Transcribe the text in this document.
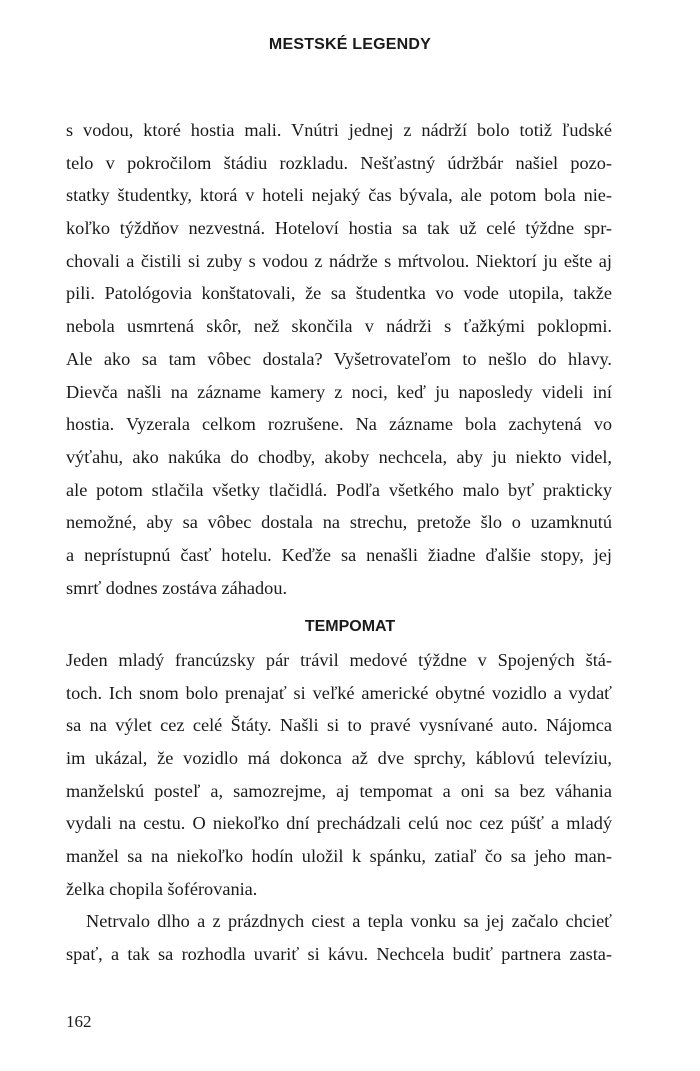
MESTSKÉ LEGENDY
s vodou, ktoré hostia mali. Vnútri jednej z nádrží bolo totiž ľudské
telo v pokročilom štádiu rozkladu. Nešťastný údržbár našiel pozo-
statky študentky, ktorá v hoteli nejaký čas bývala, ale potom bola nie-
koľko týždňov nezvestná. Hoteloví hostia sa tak už celé týždne spr-
chovali a čistili si zuby s vodou z nádrže s mŕtvolou. Niektorí ju ešte aj
pili. Patológovia konštatovali, že sa študentka vo vode utopila, takže
nebola usmrtená skôr, než skončila v nádrži s ťažkými poklopmi.
Ale ako sa tam vôbec dostala? Vyšetrovateľom to nešlo do hlavy.
Dievča našli na zázname kamery z noci, keď ju naposledy videli iní
hostia. Vyzerala celkom rozrušene. Na zázname bola zachytená vo
výťahu, ako nakúka do chodby, akoby nechcela, aby ju niekto videl,
ale potom stlačila všetky tlačidlá. Podľa všetkého malo byť prakticky
nemožné, aby sa vôbec dostala na strechu, pretože šlo o uzamknutú
a neprístupnú časť hotelu. Keďže sa nenašli žiadne ďalšie stopy, jej
smrť dodnes zostáva záhadou.
TEMPOMAT
Jeden mladý francúzsky pár trávil medové týždne v Spojených štá-
toch. Ich snom bolo prenajať si veľké americké obytné vozidlo a vydať
sa na výlet cez celé Štáty. Našli si to pravé vysnívané auto. Nájomca
im ukázal, že vozidlo má dokonca až dve sprchy, káblovú televíziu,
manželskú posteľ a, samozrejme, aj tempomat a oni sa bez váhania
vydali na cestu. O niekoľko dní prechádzali celú noc cez púšť a mladý
manžel sa na niekoľko hodín uložil k spánku, zatiaľ čo sa jeho man-
želka chopila šoférovania.
Netrvalo dlho a z prázdnych ciest a tepla vonku sa jej začalo chcieť
spať, a tak sa rozhodla uvariť si kávu. Nechcela budiť partnera zasta-
162
